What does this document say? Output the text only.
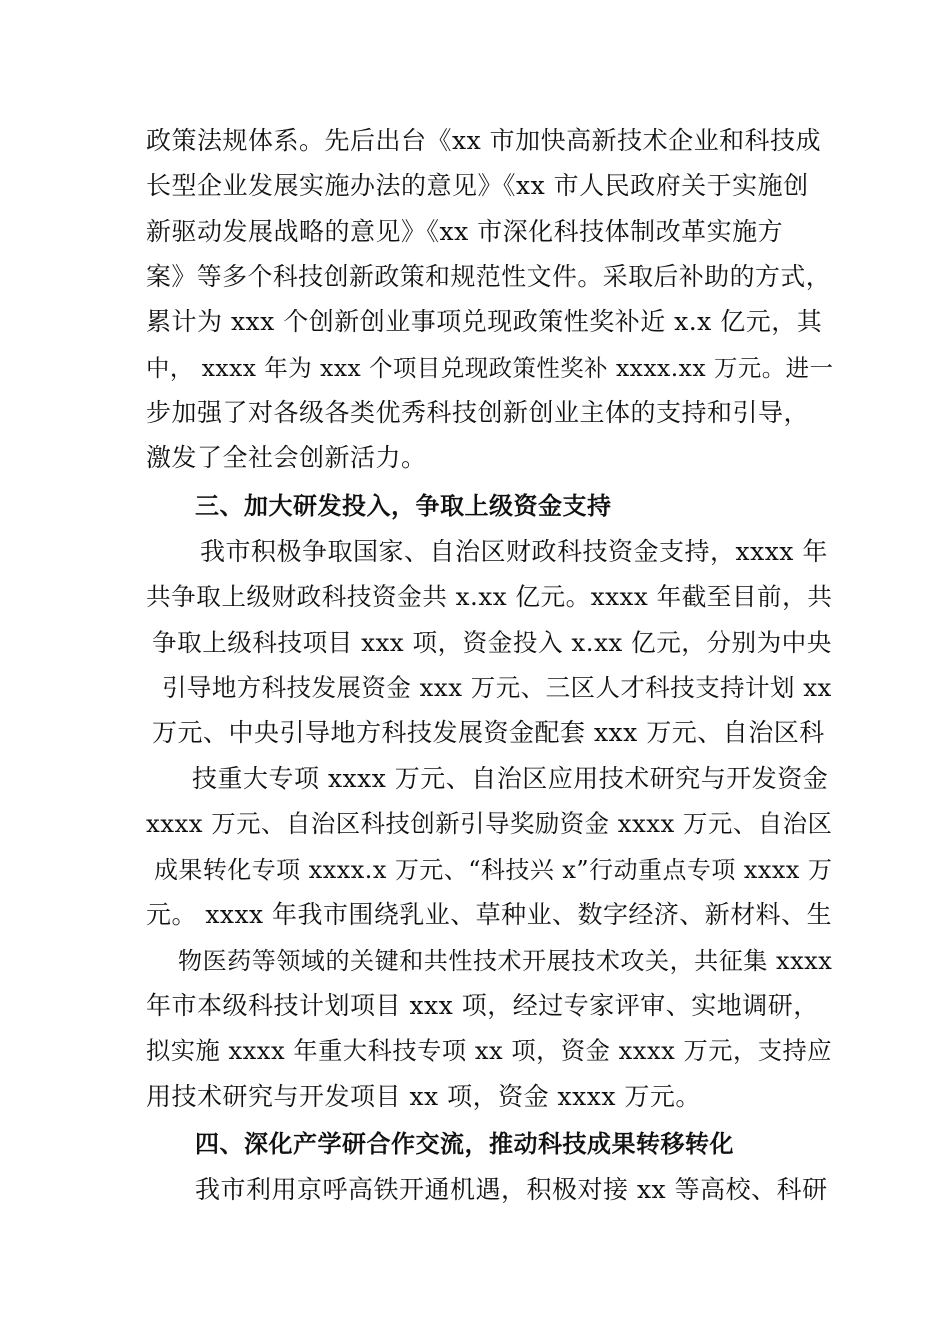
政策法规体系。先后出台《xx 市加快高新技术企业和科技成
长型企业发展实施办法的意见》《xx 市人民政府关于实施创
新驱动发展战略的意见》《xx 市深化科技体制改革实施方
案》等多个科技创新政策和规范性文件。采取后补助的方式，
累计为 xxx 个创新创业事项兑现政策性奖补近 x.x 亿元，其
中， xxxx 年为 xxx 个项目兑现政策性奖补 xxxx.xx 万元。进一
步加强了对各级各类优秀科技创新创业主体的支持和引导，
激发了全社会创新活力。
三、加大研发投入，争取上级资金支持
我市积极争取国家、自治区财政科技资金支持，xxxx 年
共争取上级财政科技资金共 x.xx 亿元。xxxx 年截至目前，共
争取上级科技项目 xxx 项，资金投入 x.xx 亿元，分别为中央
引导地方科技发展资金 xxx 万元、三区人才科技支持计划 xx
万元、中央引导地方科技发展资金配套 xxx 万元、自治区科
技重大专项 xxxx 万元、自治区应用技术研究与开发资金
xxxx 万元、自治区科技创新引导奖励资金 xxxx 万元、自治区
成果转化专项 xxxx.x 万元、“科技兴 x”行动重点专项 xxxx 万
元。 xxxx 年我市围绕乳业、草种业、数字经济、新材料、生
物医药等领域的关键和共性技术开展技术攻关，共征集 xxxx
年市本级科技计划项目 xxx 项，经过专家评审、实地调研，
拟实施 xxxx 年重大科技专项 xx 项，资金 xxxx 万元，支持应
用技术研究与开发项目 xx 项，资金 xxxx 万元。
四、深化产学研合作交流，推动科技成果转移转化
我市利用京呼高铁开通机遇，积极对接 xx 等高校、科研
